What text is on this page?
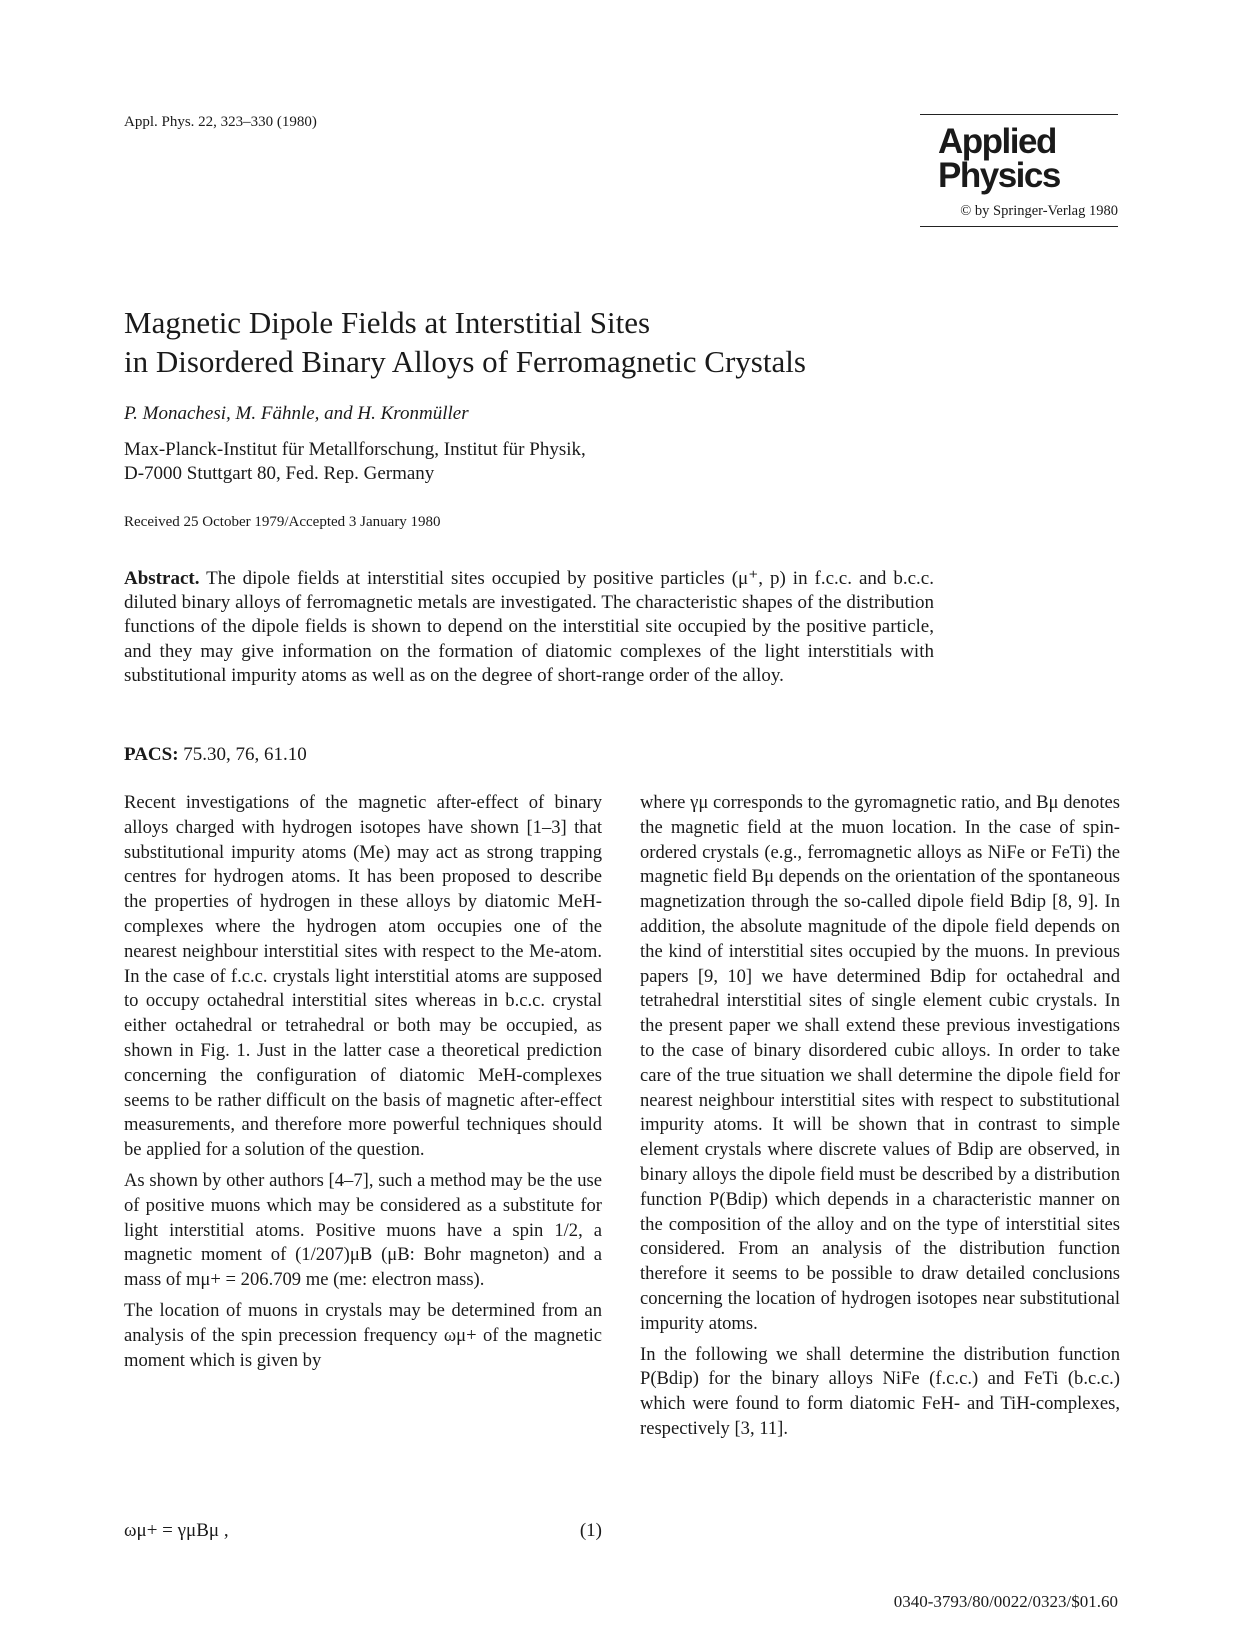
Appl. Phys. 22, 323–330 (1980)	Applied
Physics
© by Springer-Verlag 1980
Magnetic Dipole Fields at Interstitial Sites
in Disordered Binary Alloys of Ferromagnetic Crystals
P. Monachesi, M. Fähnle, and H. Kronmüller
Max-Planck-Institut für Metallforschung, Institut für Physik,
D-7000 Stuttgart 80, Fed. Rep. Germany
Received 25 October 1979/Accepted 3 January 1980
Abstract. The dipole fields at interstitial sites occupied by positive particles (μ⁺, p) in f.c.c. and b.c.c. diluted binary alloys of ferromagnetic metals are investigated. The characteristic shapes of the distribution functions of the dipole fields is shown to depend on the interstitial site occupied by the positive particle, and they may give information on the formation of diatomic complexes of the light interstitials with substitutional impurity atoms as well as on the degree of short-range order of the alloy.
PACS: 75.30, 76, 61.10

Recent investigations of the magnetic after-effect of binary alloys charged with hydrogen isotopes have shown [1–3] that substitutional impurity atoms (Me) may act as strong trapping centres for hydrogen atoms. It has been proposed to describe the properties of hydrogen in these alloys by diatomic MeH-complexes where the hydrogen atom occupies one of the nearest neighbour interstitial sites with respect to the Me-atom. In the case of f.c.c. crystals light interstitial atoms are supposed to occupy octahedral interstitial sites whereas in b.c.c. crystal either octahedral or tetrahedral or both may be occupied, as shown in Fig. 1. Just in the latter case a theoretical prediction concerning the configuration of diatomic MeH-complexes seems to be rather difficult on the basis of magnetic after-effect measurements, and therefore more powerful techniques should be applied for a solution of the question.

As shown by other authors [4–7], such a method may be the use of positive muons which may be considered as a substitute for light interstitial atoms. Positive muons have a spin 1/2, a magnetic moment of (1/207)μB (μB: Bohr magneton) and a mass of mμ+ = 206.709 me (me: electron mass).

The location of muons in crystals may be determined from an analysis of the spin precession frequency ωμ+ of the magnetic moment which is given by

ωμ+ = γμBμ ,	(1)

where γμ corresponds to the gyromagnetic ratio, and Bμ denotes the magnetic field at the muon location. In the case of spin-ordered crystals (e.g., ferromagnetic alloys as NiFe or FeTi) the magnetic field Bμ depends on the orientation of the spontaneous magnetization through the so-called dipole field Bdip [8, 9]. In addition, the absolute magnitude of the dipole field depends on the kind of interstitial sites occupied by the muons. In previous papers [9, 10] we have determined Bdip for octahedral and tetrahedral interstitial sites of single element cubic crystals. In the present paper we shall extend these previous investigations to the case of binary disordered cubic alloys. In order to take care of the true situation we shall determine the dipole field for nearest neighbour interstitial sites with respect to substitutional impurity atoms. It will be shown that in contrast to simple element crystals where discrete values of Bdip are observed, in binary alloys the dipole field must be described by a distribution function P(Bdip) which depends in a characteristic manner on the composition of the alloy and on the type of interstitial sites considered. From an analysis of the distribution function therefore it seems to be possible to draw detailed conclusions concerning the location of hydrogen isotopes near substitutional impurity atoms.

In the following we shall determine the distribution function P(Bdip) for the binary alloys NiFe (f.c.c.) and FeTi (b.c.c.) which were found to form diatomic FeH- and TiH-complexes, respectively [3, 11].

0340-3793/80/0022/0323/$01.60
